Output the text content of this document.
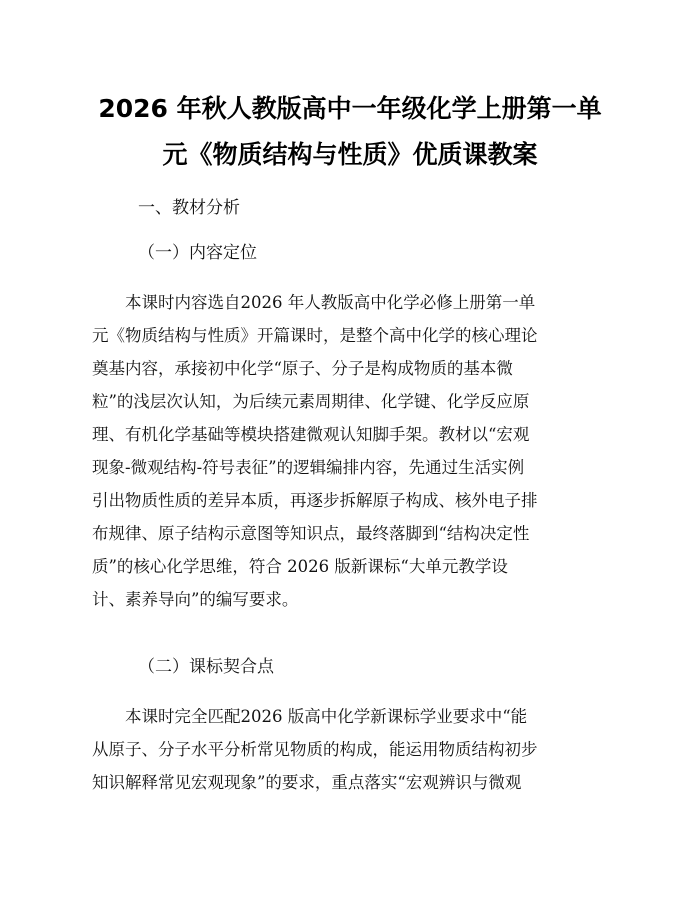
2026 年秋人教版高中一年级化学上册第一单
元《物质结构与性质》优质课教案

一、教材分析

（一）内容定位

　　本课时内容选自2026 年人教版高中化学必修上册第一单
元《物质结构与性质》开篇课时，是整个高中化学的核心理论
奠基内容，承接初中化学“原子、分子是构成物质的基本微
粒”的浅层次认知，为后续元素周期律、化学键、化学反应原
理、有机化学基础等模块搭建微观认知脚手架。教材以“宏观
现象-微观结构-符号表征”的逻辑编排内容，先通过生活实例
引出物质性质的差异本质，再逐步拆解原子构成、核外电子排
布规律、原子结构示意图等知识点，最终落脚到“结构决定性
质”的核心化学思维，符合 2026 版新课标“大单元教学设
计、素养导向”的编写要求。

（二）课标契合点

　　本课时完全匹配2026 版高中化学新课标学业要求中“能
从原子、分子水平分析常见物质的构成，能运用物质结构初步
知识解释常见宏观现象”的要求，重点落实“宏观辨识与微观
